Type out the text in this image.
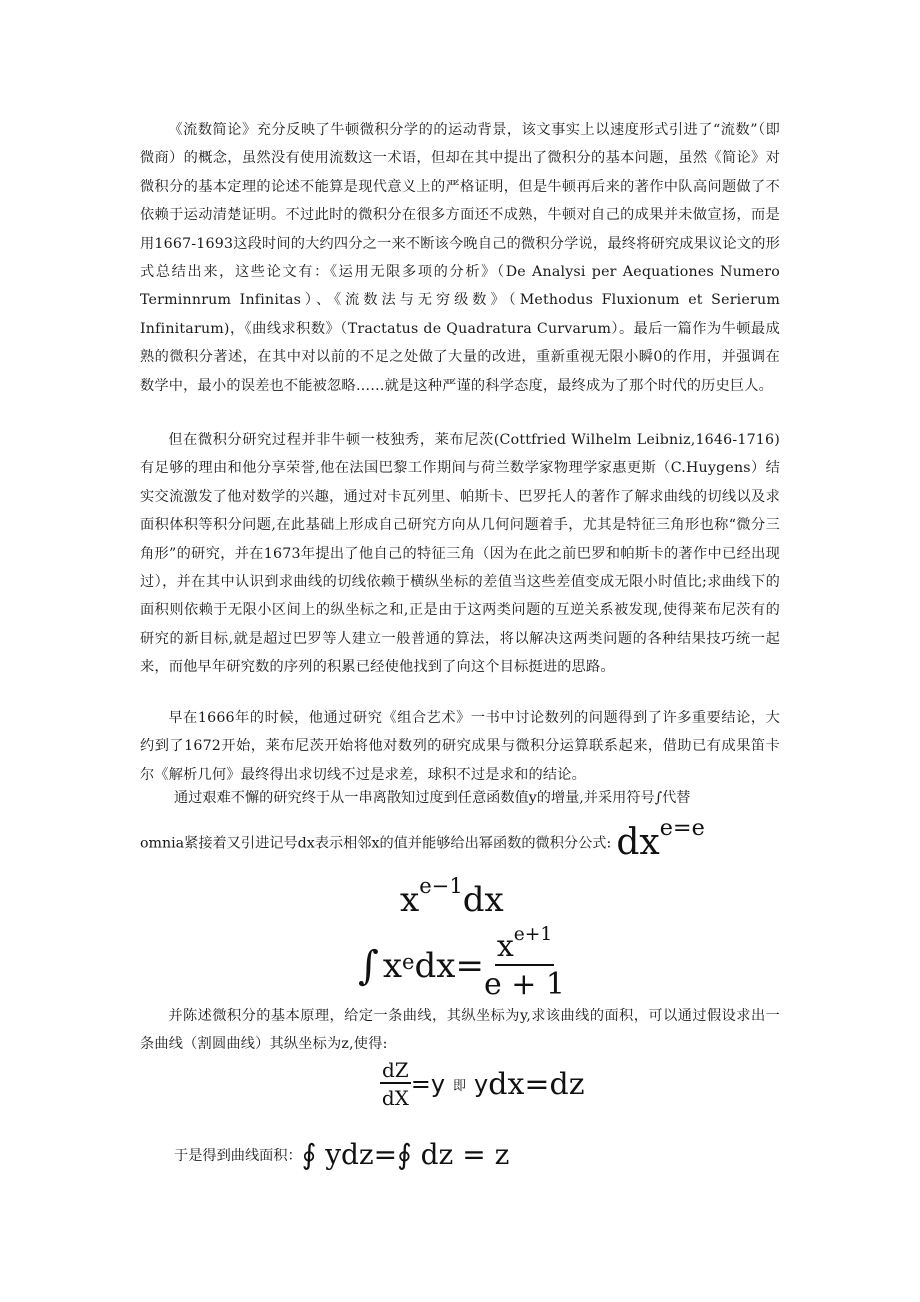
《流数简论》充分反映了牛顿微积分学的的运动背景，该文事实上以速度形式引进了“流数”（即微商）的概念，虽然没有使用流数这一术语，但却在其中提出了微积分的基本问题，虽然《简论》对微积分的基本定理的论述不能算是现代意义上的严格证明，但是牛顿再后来的著作中队高问题做了不依赖于运动清楚证明。不过此时的微积分在很多方面还不成熟，牛顿对自己的成果并未做宣扬，而是用1667-1693这段时间的大约四分之一来不断该今晚自己的微积分学说，最终将研究成果议论文的形式总结出来，这些论文有：《运用无限多项的分析》（De Analysi per Aequationes Numero Terminnrum Infinitas）、《流数法与无穷级数》（Methodus Fluxionum et Serierum Infinitarum)，《曲线求积数》（Tractatus de Quadratura Curvarum）。最后一篇作为牛顿最成熟的微积分著述，在其中对以前的不足之处做了大量的改进，重新重视无限小瞬0的作用，并强调在数学中，最小的误差也不能被忽略……就是这种严谨的科学态度，最终成为了那个时代的历史巨人。

但在微积分研究过程并非牛顿一枝独秀，莱布尼茨(Cottfried Wilhelm Leibniz,1646-1716)有足够的理由和他分享荣誉,他在法国巴黎工作期间与荷兰数学家物理学家惠更斯（C.Huygens）结实交流激发了他对数学的兴趣，通过对卡瓦列里、帕斯卡、巴罗托人的著作了解求曲线的切线以及求面积体积等积分问题,在此基础上形成自己研究方向从几何问题着手，尤其是特征三角形也称“微分三角形”的研究，并在1673年提出了他自己的特征三角（因为在此之前巴罗和帕斯卡的著作中已经出现过），并在其中认识到求曲线的切线依赖于横纵坐标的差值当这些差值变成无限小时值比;求曲线下的面积则依赖于无限小区间上的纵坐标之和,正是由于这两类问题的互逆关系被发现,使得莱布尼茨有的研究的新目标,就是超过巴罗等人建立一般普通的算法，将以解决这两类问题的各种结果技巧统一起来，而他早年研究数的序列的积累已经使他找到了向这个目标挺进的思路。

早在1666年的时候，他通过研究《组合艺术》一书中讨论数列的问题得到了许多重要结论，大约到了1672开始，莱布尼茨开始将他对数列的研究成果与微积分运算联系起来，借助已有成果笛卡尔《解析几何》最终得出求切线不过是求差，球积不过是求和的结论。

通过艰难不懈的研究终于从一串离散知过度到任意函数值y的增量,并采用符号∫代替
omnia紧接着又引进记号dx表示相邻x的值并能够给出幂函数的微积分公式: $dx^{e=e}$
$x^{e-1}dx$
∫ $x^e$ $dx= \frac{x^{e+1}}{e + 1}$

并陈述微积分的基本原理，给定一条曲线，其纵坐标为y,求该曲线的面积，可以通过假设求出一条曲线（割圆曲线）其纵坐标为z,使得:

$\frac{dZ}{dX} =y$ 即 y dx =dz
于是得到曲线面积： ∮ ydz=∮ dz = z
